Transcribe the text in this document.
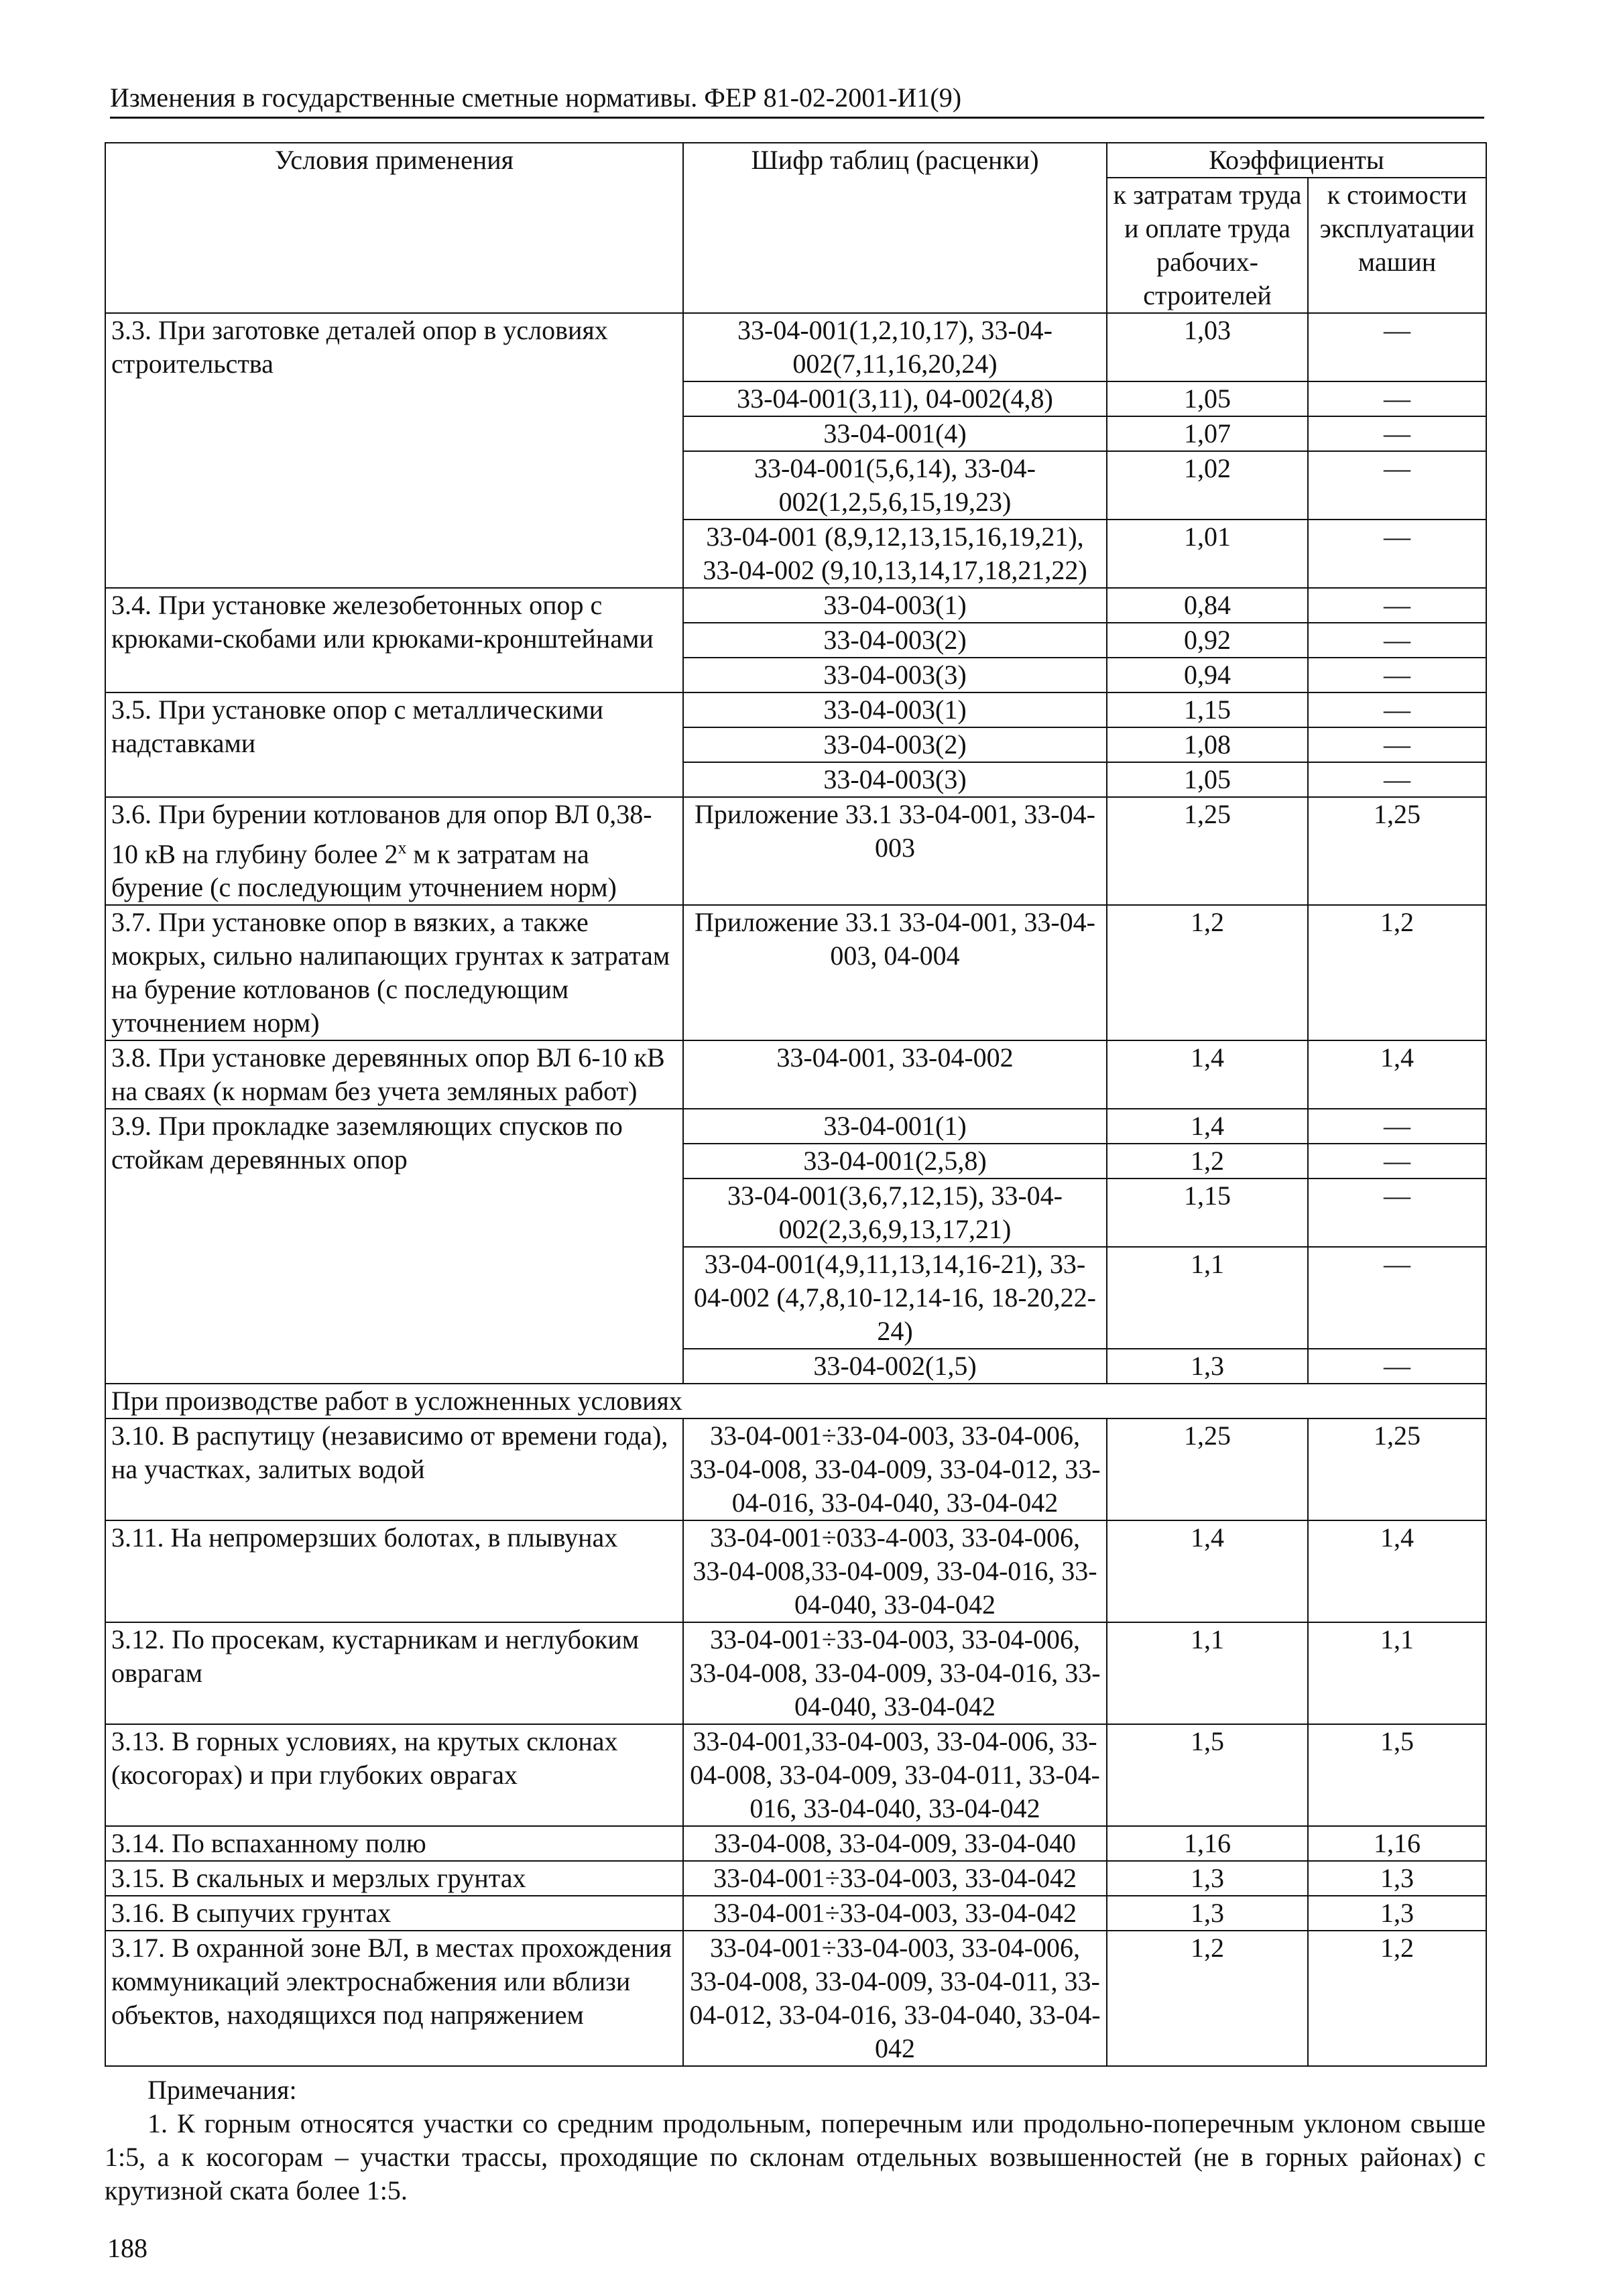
Изменения в государственные сметные нормативы. ФЕР 81-02-2001-И1(9)
Условия применения	Шифр таблиц (расценки)	Коэффициенты	
		к затратам труда и оплате труда рабочих-строителей	к стоимости эксплуатации машин
3.3. При заготовке деталей опор в условиях строительства	33-04-001(1,2,10,17), 33-04-002(7,11,16,20,24)	1,03	—
	33-04-001(3,11), 04-002(4,8)	1,05	—
	33-04-001(4)	1,07	—
	33-04-001(5,6,14), 33-04-002(1,2,5,6,15,19,23)	1,02	—
	33-04-001 (8,9,12,13,15,16,19,21), 33-04-002 (9,10,13,14,17,18,21,22)	1,01	—
3.4. При установке железобетонных опор с крюками-скобами или крюками-кронштейнами	33-04-003(1)	0,84	—
	33-04-003(2)	0,92	—
	33-04-003(3)	0,94	—
3.5. При установке опор с металлическими надставками	33-04-003(1)	1,15	—
	33-04-003(2)	1,08	—
	33-04-003(3)	1,05	—
3.6. При бурении котлованов для опор ВЛ 0,38-10 кВ на глубину более $2^х$ м к затратам на бурение (с последующим уточнением норм)	Приложение 33.1 33-04-001, 33-04-003	1,25	1,25
3.7. При установке опор в вязких, а также мокрых, сильно налипающих грунтах к затратам на бурение котлованов (с последующим уточнением норм)	Приложение 33.1 33-04-001, 33-04-003, 04-004	1,2	1,2
3.8. При установке деревянных опор ВЛ 6-10 кВ на сваях (к нормам без учета земляных работ)	33-04-001, 33-04-002	1,4	1,4
3.9. При прокладке заземляющих спусков по стойкам деревянных опор	33-04-001(1)	1,4	—
	33-04-001(2,5,8)	1,2	—
	33-04-001(3,6,7,12,15), 33-04-002(2,3,6,9,13,17,21)	1,15	—
	33-04-001(4,9,11,13,14,16-21), 33-04-002 (4,7,8,10-12,14-16, 18-20,22-24)	1,1	—
	33-04-002(1,5)	1,3	—
При производстве работ в усложненных условиях			
3.10. В распутицу (независимо от времени года), на участках, залитых водой	33-04-001÷33-04-003, 33-04-006, 33-04-008, 33-04-009, 33-04-012, 33-04-016, 33-04-040, 33-04-042	1,25	1,25
3.11. На непромерзших болотах, в плывунах	33-04-001÷033-4-003, 33-04-006, 33-04-008,33-04-009, 33-04-016, 33-04-040, 33-04-042	1,4	1,4
3.12. По просекам, кустарникам и неглубоким оврагам	33-04-001÷33-04-003, 33-04-006, 33-04-008, 33-04-009, 33-04-016, 33-04-040, 33-04-042	1,1	1,1
3.13. В горных условиях, на крутых склонах (косогорах) и при глубоких оврагах	33-04-001,33-04-003, 33-04-006, 33-04-008, 33-04-009, 33-04-011, 33-04-016, 33-04-040, 33-04-042	1,5	1,5
3.14. По вспаханному полю	33-04-008, 33-04-009, 33-04-040	1,16	1,16
3.15. В скальных и мерзлых грунтах	33-04-001÷33-04-003, 33-04-042	1,3	1,3
3.16. В сыпучих грунтах	33-04-001÷33-04-003, 33-04-042	1,3	1,3
3.17. В охранной зоне ВЛ, в местах прохождения коммуникаций электроснабжения или вблизи объектов, находящихся под напряжением	33-04-001÷33-04-003, 33-04-006, 33-04-008, 33-04-009, 33-04-011, 33-04-012, 33-04-016, 33-04-040, 33-04-042	1,2	1,2
Примечания:
1. К горным относятся участки со средним продольным, поперечным или продольно-поперечным уклоном свыше 1:5, а к косогорам – участки трассы, проходящие по склонам отдельных возвышенностей (не в горных районах) с крутизной ската более 1:5.
188
